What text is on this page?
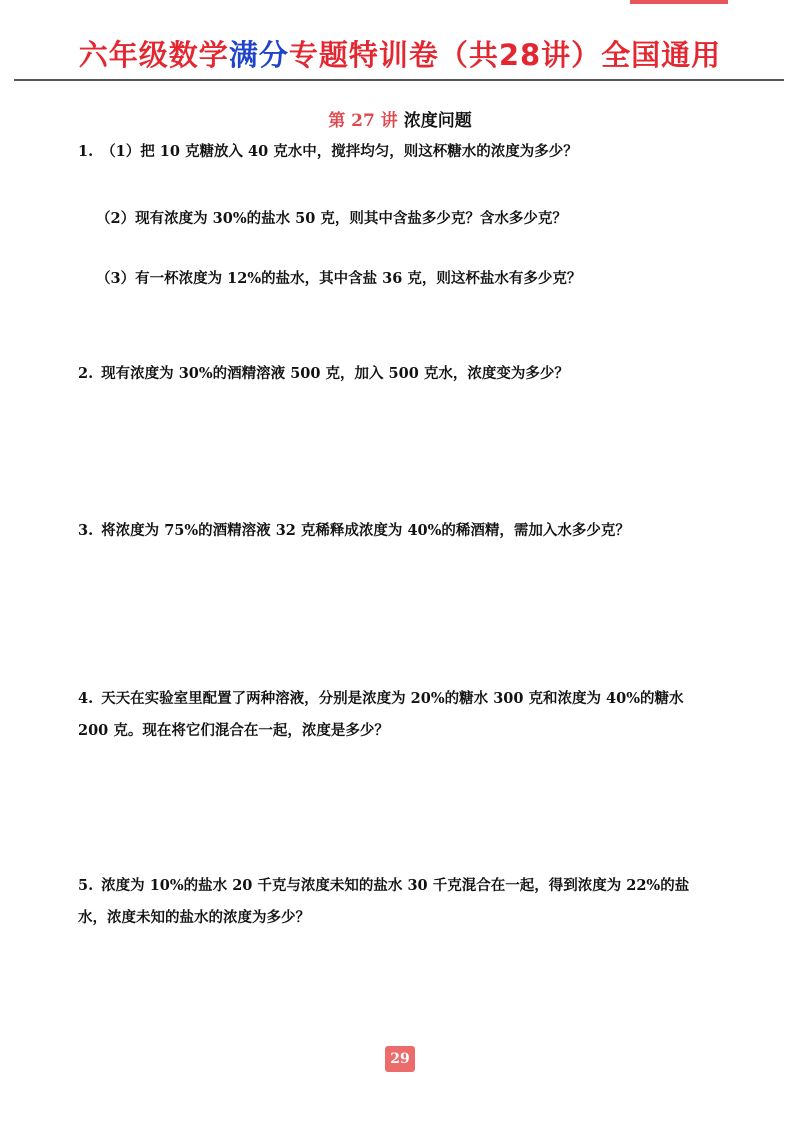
六年级数学满分专题特训卷（共28讲）全国通用
第 27 讲 浓度问题
1. （1）把 10 克糖放入 40 克水中，搅拌均匀，则这杯糖水的浓度为多少？
（2）现有浓度为 30%的盐水 50 克，则其中含盐多少克？含水多少克？
（3）有一杯浓度为 12%的盐水，其中含盐 36 克，则这杯盐水有多少克？
2. 现有浓度为 30%的酒精溶液 500 克，加入 500 克水，浓度变为多少？
3. 将浓度为 75%的酒精溶液 32 克稀释成浓度为 40%的稀酒精，需加入水多少克？
4. 天天在实验室里配置了两种溶液，分别是浓度为 20%的糖水 300 克和浓度为 40%的糖水
200 克。现在将它们混合在一起，浓度是多少？
5. 浓度为 10%的盐水 20 千克与浓度未知的盐水 30 千克混合在一起，得到浓度为 22%的盐
水，浓度未知的盐水的浓度为多少？
29
